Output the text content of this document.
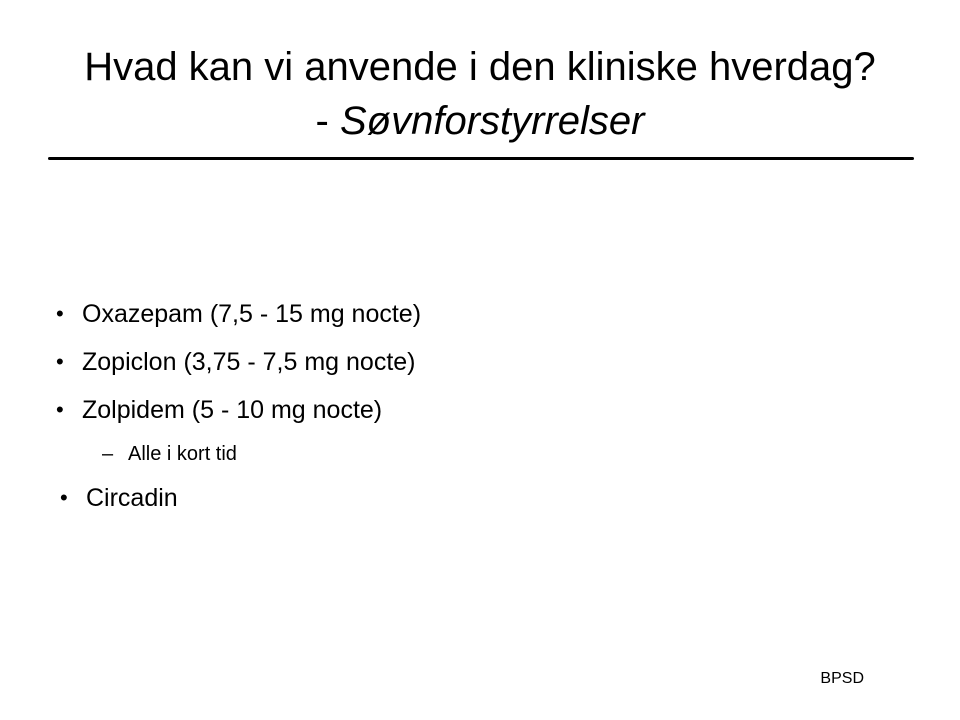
Hvad kan vi anvende i den kliniske hverdag?
- Søvnforstyrrelser
• Oxazepam (7,5 - 15 mg nocte)
• Zopiclon (3,75 - 7,5 mg nocte)
• Zolpidem (5 - 10 mg nocte)
– Alle i kort tid
• Circadin
BPSD
